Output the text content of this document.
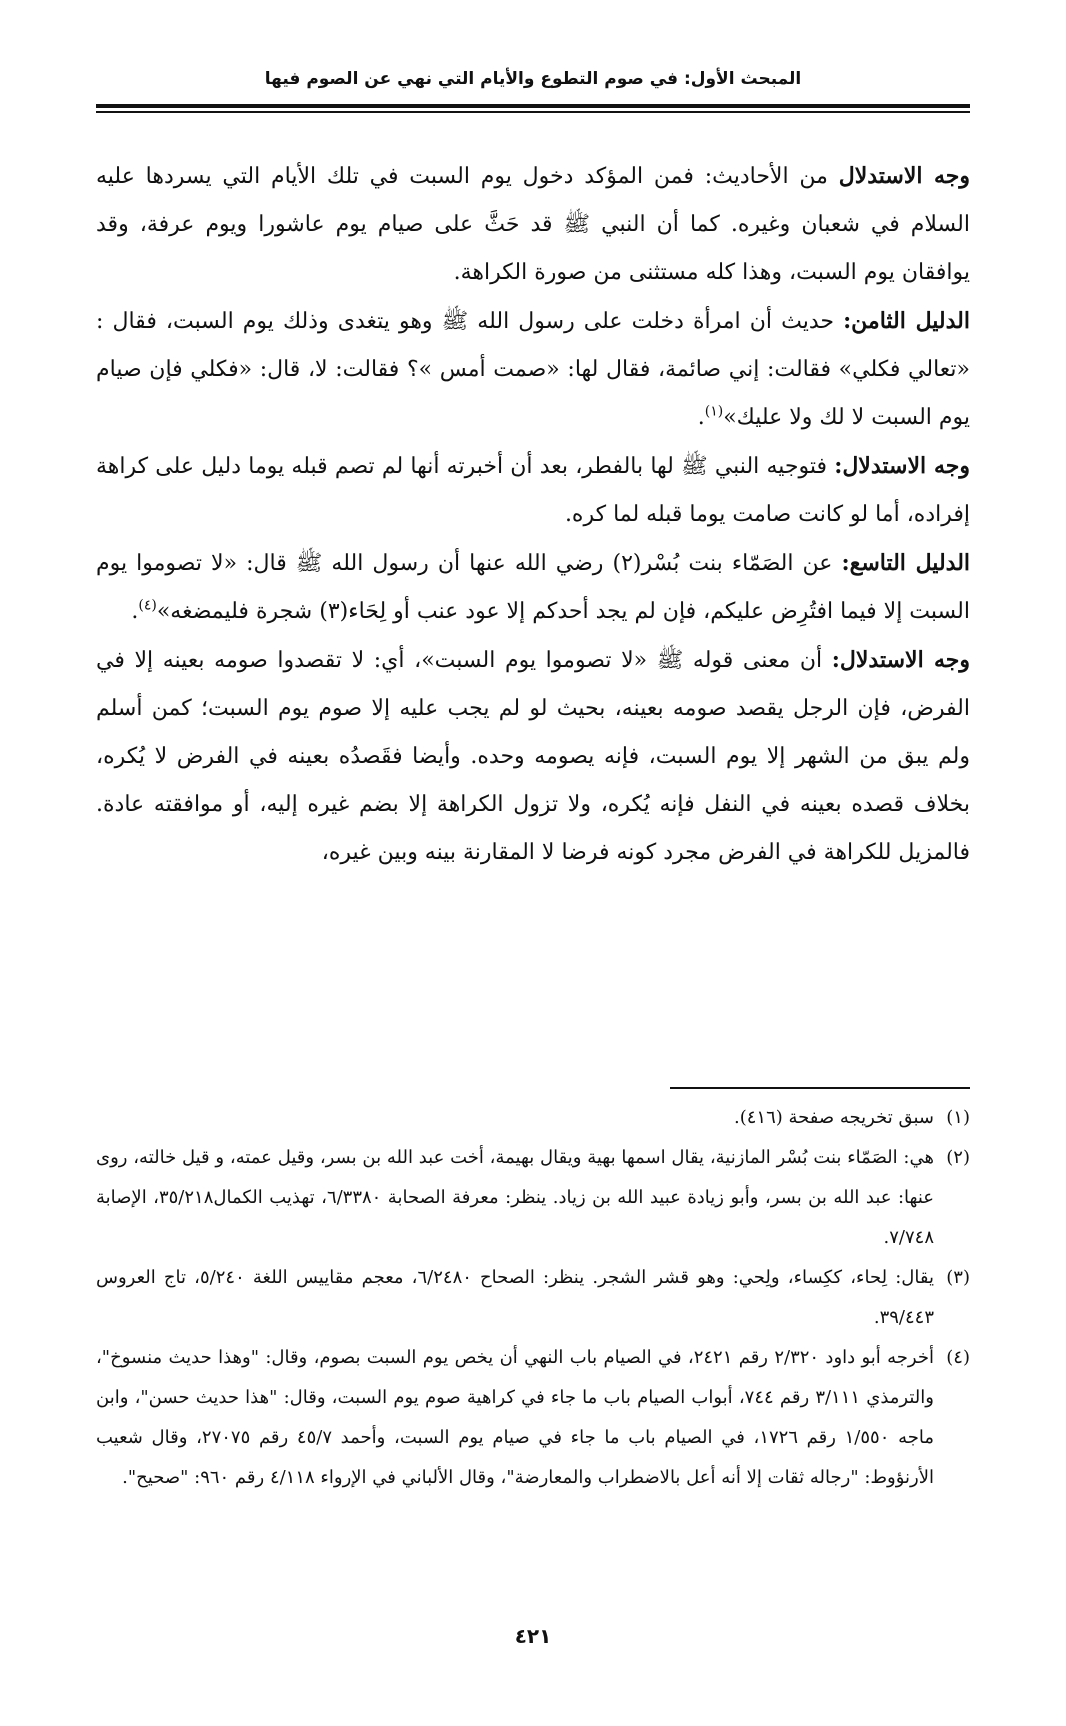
المبحث الأول: في صوم التطوع والأيام التي نهي عن الصوم فيها

وجه الاستدلال من الأحاديث: فمن المؤكد دخول يوم السبت في تلك الأيام التي يسردها عليه السلام في شعبان وغيره. كما أن النبي ﷺ قد حَثَّ على صيام يوم عاشورا ويوم عرفة، وقد يوافقان يوم السبت، وهذا كله مستثنى من صورة الكراهة.

الدليل الثامن: حديث أن امرأة دخلت على رسول الله ﷺ وهو يتغدى وذلك يوم السبت، فقال : «تعالي فكلي» فقالت: إني صائمة، فقال لها: «صمت أمس »؟ فقالت: لا، قال: «فكلي فإن صيام يوم السبت لا لك ولا عليك»$^{(١)}$.

وجه الاستدلال: فتوجيه النبي ﷺ لها بالفطر، بعد أن أخبرته أنها لم تصم قبله يوما دليل على كراهة إفراده، أما لو كانت صامت يوما قبله لما كره.

الدليل التاسع: عن الصَمّاء بنت بُسْر(٢) رضي الله عنها أن رسول الله ﷺ قال: «لا تصوموا يوم السبت إلا فيما افتُرِض عليكم، فإن لم يجد أحدكم إلا عود عنب أو لِحَاء(٣) شجرة فليمضغه»$^{(٤)}$.

وجه الاستدلال: أن معنى قوله ﷺ «لا تصوموا يوم السبت»، أي: لا تقصدوا صومه بعينه إلا في الفرض، فإن الرجل يقصد صومه بعينه، بحيث لو لم يجب عليه إلا صوم يوم السبت؛ كمن أسلم ولم يبق من الشهر إلا يوم السبت، فإنه يصومه وحده. وأيضا فقَصدُه بعينه في الفرض لا يُكره، بخلاف قصده بعينه في النفل فإنه يُكره، ولا تزول الكراهة إلا بضم غيره إليه، أو موافقته عادة. فالمزيل للكراهة في الفرض مجرد كونه فرضا لا المقارنة بينه وبين غيره،

(١)
سبق تخريجه صفحة (٤١٦).

(٢)
هي: الصَمّاء بنت بُسْر المازنية، يقال اسمها بهية ويقال بهيمة، أخت عبد الله بن بسر، وقيل عمته، و قيل خالته، روى عنها: عبد الله بن بسر، وأبو زيادة عبيد الله بن زياد. ينظر: معرفة الصحابة ٦/٣٣٨٠، تهذيب الكمال٣٥/٢١٨، الإصابة ٧/٧٤٨.

(٣)
يقال: لِحاء، ككِساء، ولِحي: وهو قشر الشجر. ينظر: الصحاح ٦/٢٤٨٠، معجم مقاييس اللغة ٥/٢٤٠، تاج العروس ٣٩/٤٤٣.

(٤)
أخرجه أبو داود ٢/٣٢٠ رقم ٢٤٢١، في الصيام باب النهي أن يخص يوم السبت بصوم، وقال: "وهذا حديث منسوخ"، والترمذي ٣/١١١ رقم ٧٤٤، أبواب الصيام باب ما جاء في كراهية صوم يوم السبت، وقال: "هذا حديث حسن"، وابن ماجه ١/٥٥٠ رقم ١٧٢٦، في الصيام باب ما جاء في صيام يوم السبت، وأحمد ٤٥/٧ رقم ٢٧٠٧٥، وقال شعيب الأرنؤوط: "رجاله ثقات إلا أنه أعل بالاضطراب والمعارضة"، وقال الألباني في الإرواء ٤/١١٨ رقم ٩٦٠: "صحيح".

٤٢١
